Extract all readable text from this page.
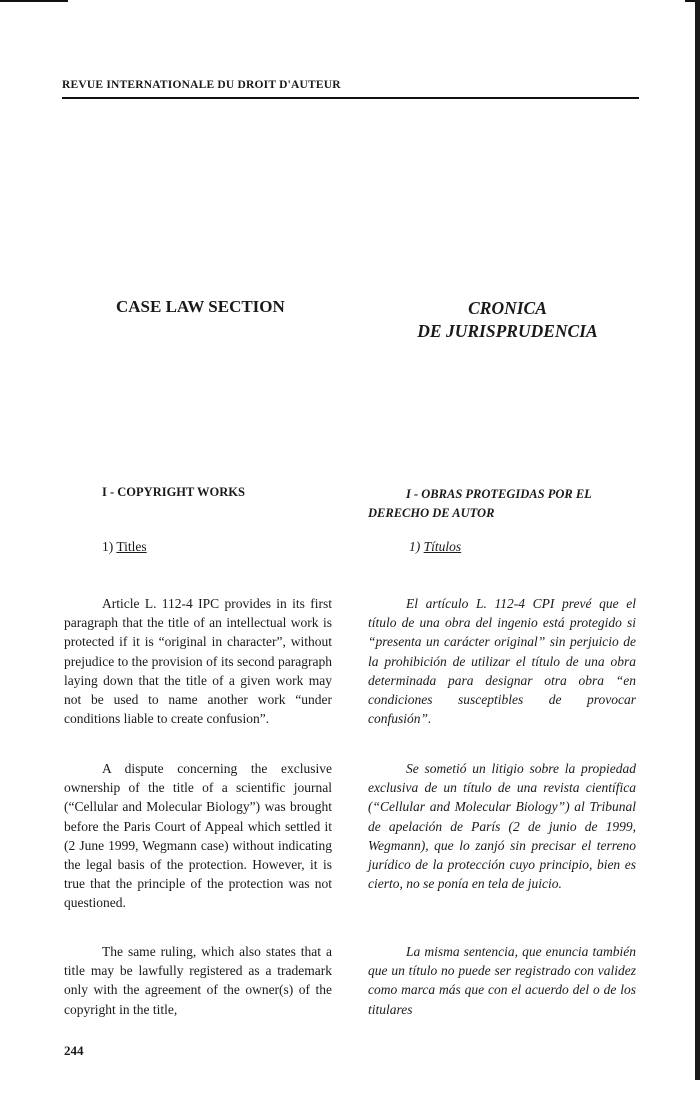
REVUE INTERNATIONALE DU DROIT D'AUTEUR
CASE LAW SECTION	CRONICA
DE JURISPRUDENCIA
I - COPYRIGHT WORKS	I - OBRAS PROTEGIDAS POR EL DERECHO DE AUTOR
1) Titles	1) Títulos

Article L. 112-4 IPC provides in its first paragraph that the title of an intellectual work is protected if it is “original in character”, without prejudice to the provision of its second paragraph laying down that the title of a given work may not be used to name another work “under conditions liable to create confusion”.

A dispute concerning the exclusive ownership of the title of a scientific journal (“Cellular and Molecular Biology”) was brought before the Paris Court of Appeal which settled it (2 June 1999, Wegmann case) without indicating the legal basis of the protection. However, it is true that the principle of the protection was not questioned.

The same ruling, which also states that a title may be lawfully registered as a trademark only with the agreement of the owner(s) of the copyright in the title,

El artículo L. 112-4 CPI prevé que el título de una obra del ingenio está protegido si “presenta un carácter original” sin perjuicio de la prohibición de utilizar el título de una obra determinada para designar otra obra “en condiciones susceptibles de provocar confusión”.

Se sometió un litigio sobre la propiedad exclusiva de un título de una revista científica (“Cellular and Molecular Biology”) al Tribunal de apelación de París (2 de junio de 1999, Wegmann), que lo zanjó sin precisar el terreno jurídico de la protección cuyo principio, bien es cierto, no se ponía en tela de juicio.

La misma sentencia, que enuncia también que un título no puede ser registrado con validez como marca más que con el acuerdo del o de los titulares

244
